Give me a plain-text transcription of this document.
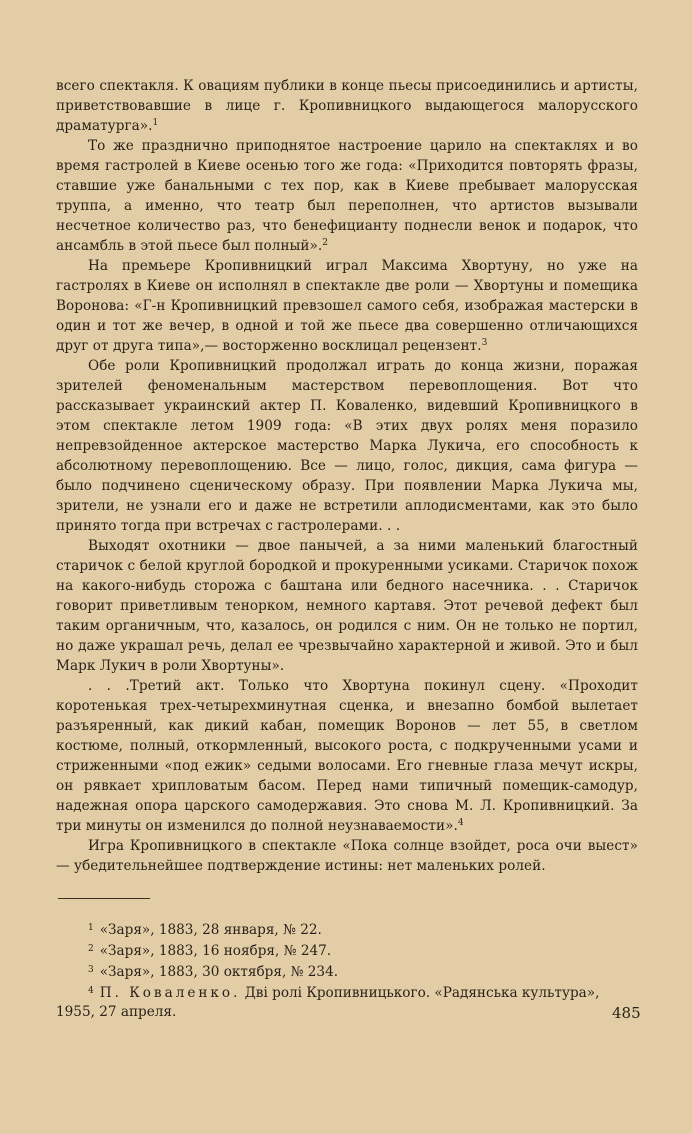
всего спектакля. К овациям публики в конце пьесы присоединились и артисты, приветствовавшие в лице г. Кропивницкого выдающегося малорусского драматурга».$^1$

То же празднично приподнятое настроение царило на спектаклях и во время гастролей в Киеве осенью того же года: «Приходится повторять фразы, ставшие уже банальными с тех пор, как в Киеве пребывает малорусская труппа, а именно, что театр был переполнен, что артистов вызывали несчетное количество раз, что бенефицианту поднесли венок и подарок, что ансамбль в этой пьесе был полный».$^2$

На премьере Кропивницкий играл Максима Хвортуну, но уже на гастролях в Киеве он исполнял в спектакле две роли — Хвортуны и помещика Воронова: «Г-н Кропивницкий превзошел самого себя, изображая мастерски в один и тот же вечер, в одной и той же пьесе два совершенно отличающихся друг от друга типа»,— восторженно восклицал рецензент.$^3$

Обе роли Кропивницкий продолжал играть до конца жизни, поражая зрителей феноменальным мастерством перевоплощения. Вот что рассказывает украинский актер П. Коваленко, видевший Кропивницкого в этом спектакле летом 1909 года: «В этих двух ролях меня поразило непревзойденное актерское мастерство Марка Лукича, его способность к абсолютному перевоплощению. Все — лицо, голос, дикция, сама фигура — было подчинено сценическому образу. При появлении Марка Лукича мы, зрители, не узнали его и даже не встретили аплодисментами, как это было принято тогда при встречах с гастролерами. . .

Выходят охотники — двое панычей, а за ними маленький благостный старичок с белой круглой бородкой и прокуренными усиками. Старичок похож на какого-нибудь сторожа с баштана или бедного насечника. . . Старичок говорит приветливым тенорком, немного картавя. Этот речевой дефект был таким органичным, что, казалось, он родился с ним. Он не только не портил, но даже украшал речь, делал ее чрезвычайно характерной и живой. Это и был Марк Лукич в роли Хвортуны».

. . .Третий акт. Только что Хвортуна покинул сцену. «Проходит коротенькая трех-четырехминутная сценка, и внезапно бомбой вылетает разъяренный, как дикий кабан, помещик Воронов — лет 55, в светлом костюме, полный, откормленный, высокого роста, с подкрученными усами и стриженными «под ежик» седыми волосами. Его гневные глаза мечут искры, он рявкает хрипловатым басом. Перед нами типичный помещик-самодур, надежная опора царского самодержавия. Это снова М. Л. Кропивницкий. За три минуты он изменился до полной неузнаваемости».$^4$

Игра Кропивницкого в спектакле «Пока солнце взойдет, роса очи выест» — убедительнейшее подтверждение истины: нет маленьких ролей.

$^1$ «Заря», 1883, 28 января, № 22.
$^2$ «Заря», 1883, 16 ноября, № 247.
$^3$ «Заря», 1883, 30 октября, № 234.
$^4$ П. Коваленко. Дві ролі Кропивницького. «Радянська культура», 1955, 27 апреля.	485
